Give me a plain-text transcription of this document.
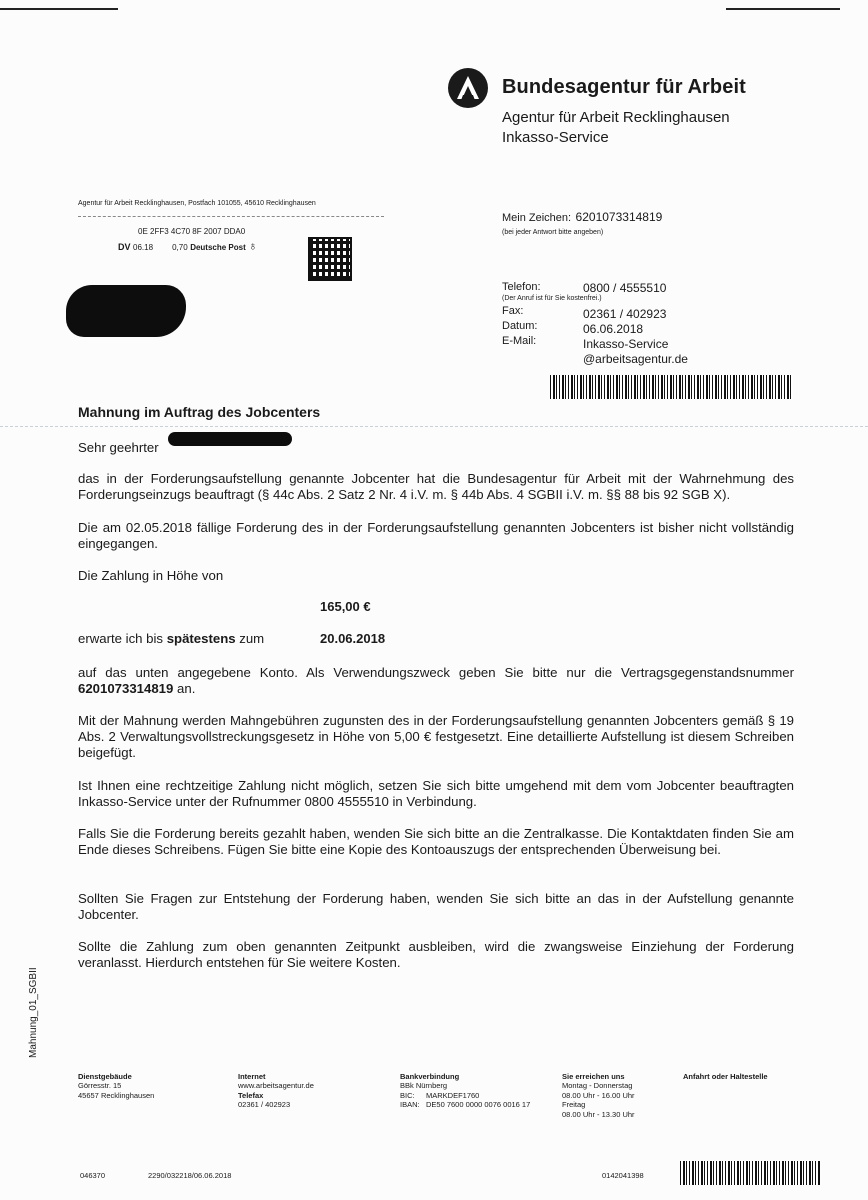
Bundesagentur für Arbeit
Agentur für Arbeit Recklinghausen
Inkasso-Service
Agentur für Arbeit Recklinghausen, Postfach 101055, 45610 Recklinghausen
0E 2FF3 4C70 8F 2007 DDA0
DV 06.18 0,70 Deutsche Post ♁
Mein Zeichen: 6201073314819
(bei jeder Antwort bitte angeben)
Telefon:	0800 / 4555510
(Der Anruf ist für Sie kostenfrei.)
Fax:	02361 / 402923
Datum:	06.06.2018
E-Mail:	Inkasso-Service
@arbeitsagentur.de
Mahnung im Auftrag des Jobcenters
Sehr geehrter
das in der Forderungsaufstellung genannte Jobcenter hat die Bundesagentur für Arbeit mit der Wahrnehmung des Forderungseinzugs beauftragt (§ 44c Abs. 2 Satz 2 Nr. 4 i.V. m. § 44b Abs. 4 SGBII i.V. m. §§ 88 bis 92 SGB X).
Die am 02.05.2018 fällige Forderung des in der Forderungsaufstellung genannten Jobcenters ist bisher nicht vollständig eingegangen.
Die Zahlung in Höhe von
165,00 €
erwarte ich bis spätestens zum	20.06.2018
auf das unten angegebene Konto. Als Verwendungszweck geben Sie bitte nur die Vertragsgegenstandsnummer 6201073314819 an.
Mit der Mahnung werden Mahngebühren zugunsten des in der Forderungsaufstellung genannten Jobcenters gemäß § 19 Abs. 2 Verwaltungsvollstreckungsgesetz in Höhe von 5,00 € festgesetzt. Eine detaillierte Aufstellung ist diesem Schreiben beigefügt.
Ist Ihnen eine rechtzeitige Zahlung nicht möglich, setzen Sie sich bitte umgehend mit dem vom Jobcenter beauftragten Inkasso-Service unter der Rufnummer 0800 4555510 in Verbindung.
Falls Sie die Forderung bereits gezahlt haben, wenden Sie sich bitte an die Zentralkasse. Die Kontaktdaten finden Sie am Ende dieses Schreibens. Fügen Sie bitte eine Kopie des Kontoauszugs der entsprechenden Überweisung bei.
Sollten Sie Fragen zur Entstehung der Forderung haben, wenden Sie sich bitte an das in der Aufstellung genannte Jobcenter.
Sollte die Zahlung zum oben genannten Zeitpunkt ausbleiben, wird die zwangsweise Einziehung der Forderung veranlasst. Hierdurch entstehen für Sie weitere Kosten.
Mahnung_01_SGBII
Dienstgebäude
Görresstr. 15
45657 Recklinghausen
Internet
www.arbeitsagentur.de
Telefax
02361 / 402923
Bankverbindung
BBk Nürnberg
BIC: MARKDEF1760
IBAN: DE50 7600 0000 0076 0016 17
Sie erreichen uns
Montag - Donnerstag
08.00 Uhr - 16.00 Uhr
Freitag
08.00 Uhr - 13.30 Uhr
Anfahrt oder Haltestelle
046370	2290/032218/06.06.2018	0142041398
